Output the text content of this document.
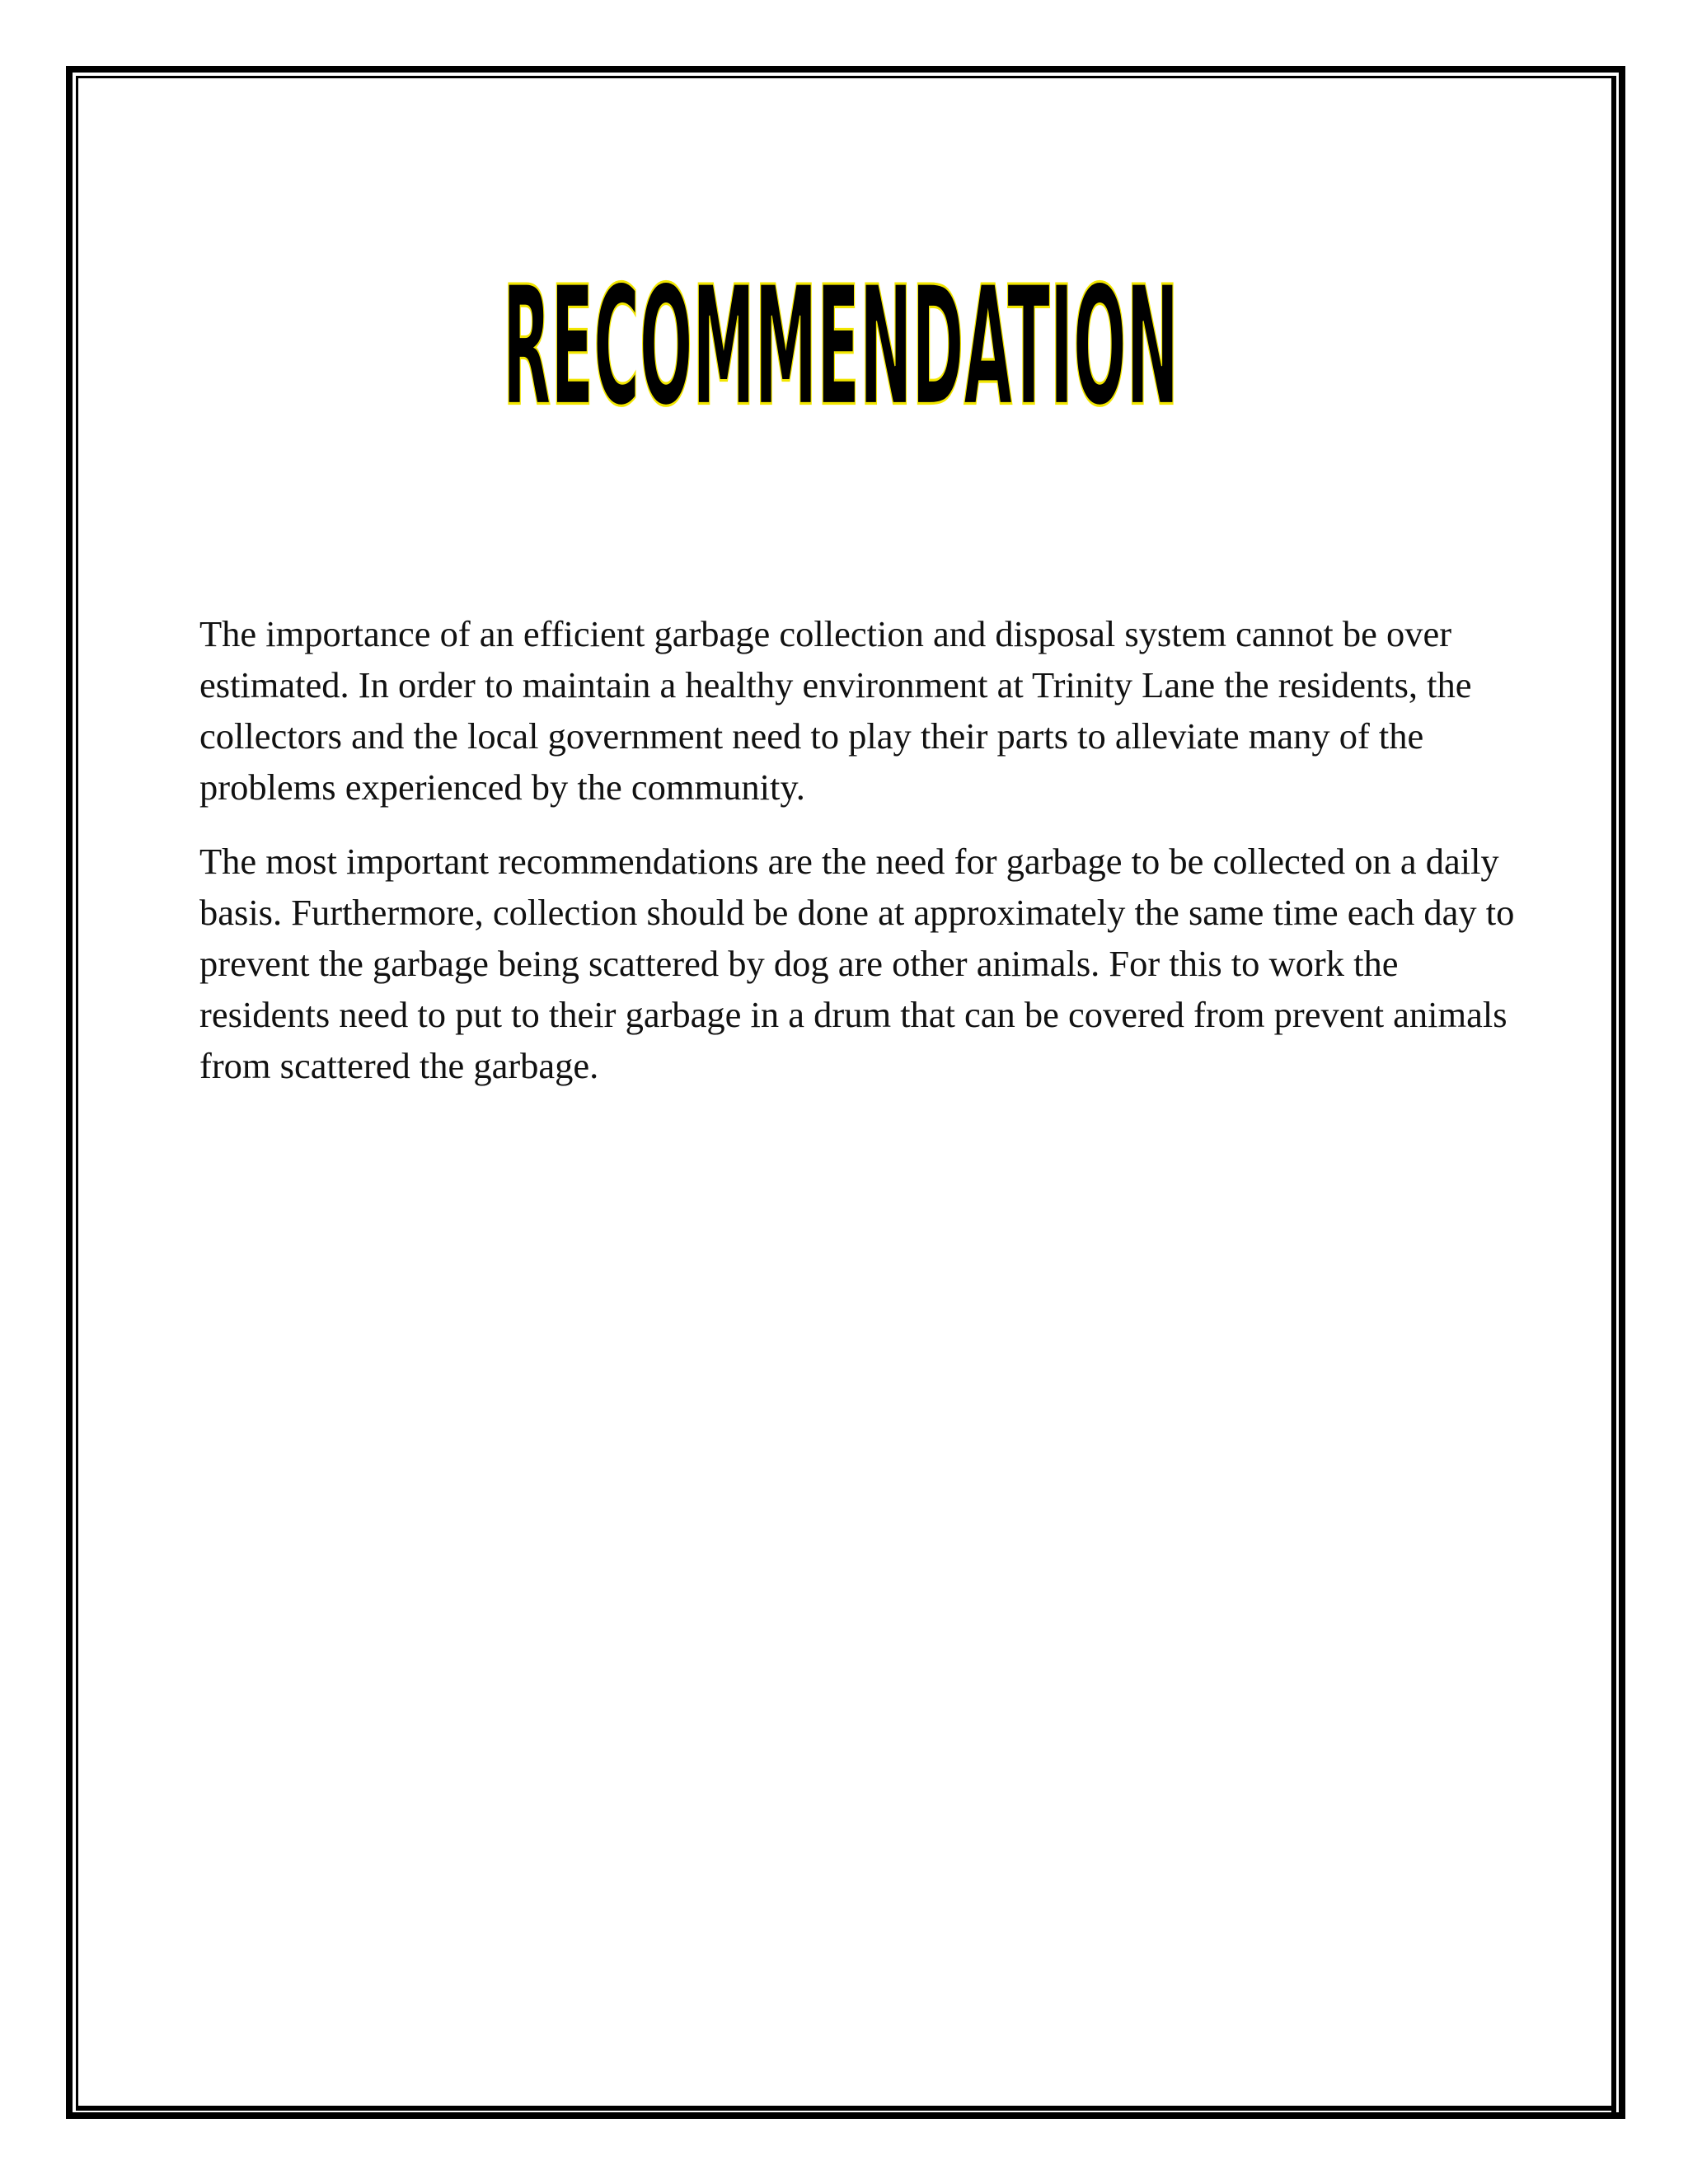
RECOMMENDATION

The importance of an efficient garbage collection and disposal system cannot be over estimated. In order to maintain a healthy environment at Trinity Lane the residents, the collectors and the local government need to play their parts to alleviate many of the problems experienced by the community.

The most important recommendations are the need for garbage to be collected on a daily basis. Furthermore, collection should be done at approximately the same time each day to prevent the garbage being scattered by dog are other animals. For this to work the residents need to put to their garbage in a drum that can be covered from prevent animals from scattered the garbage.
